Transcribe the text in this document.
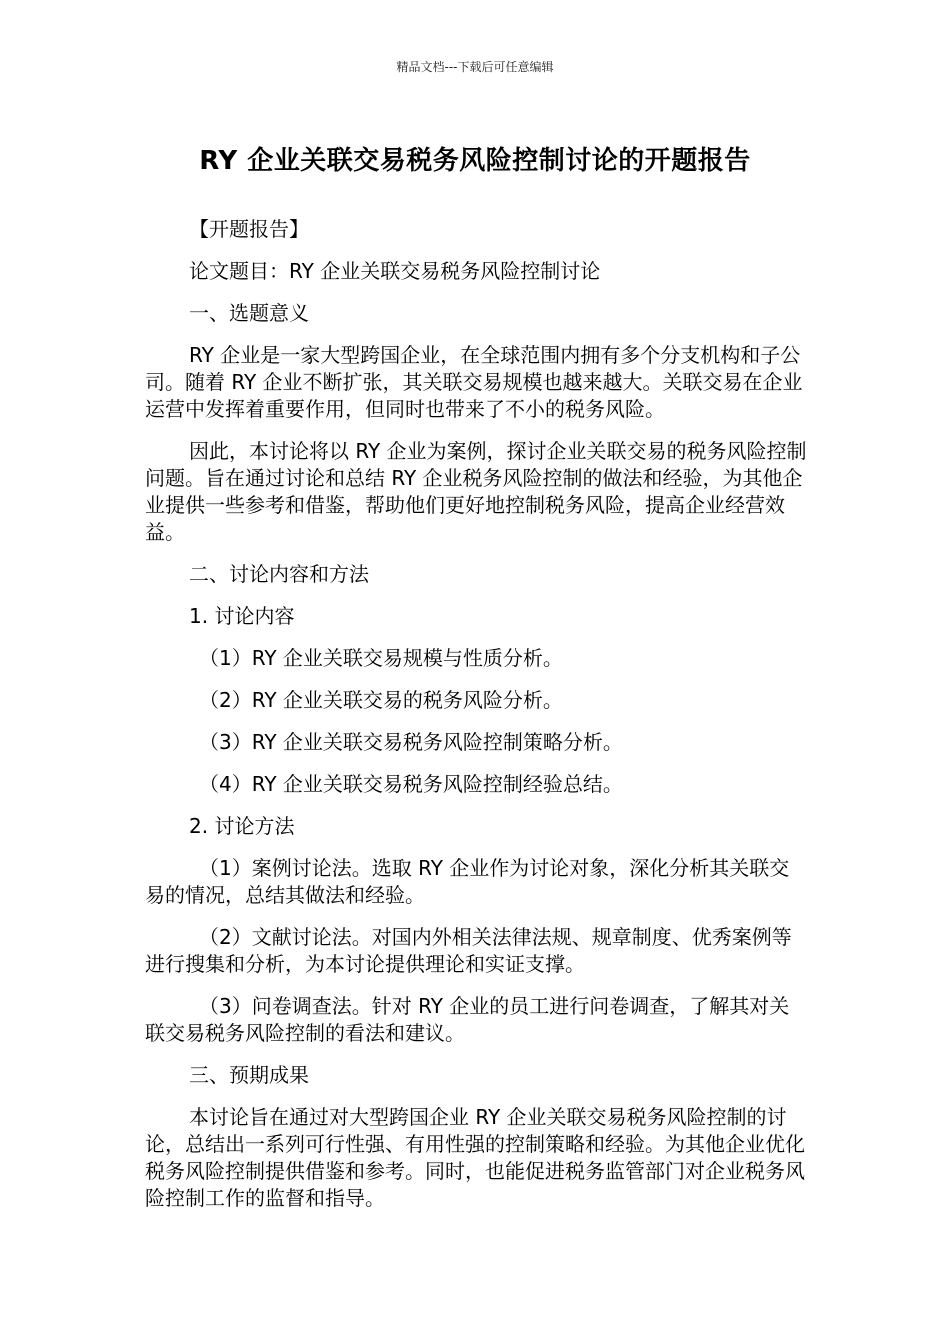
精品文档---下载后可任意编辑
RY 企业关联交易税务风险控制讨论的开题报告

【开题报告】

论文题目：RY 企业关联交易税务风险控制讨论

一、选题意义

RY 企业是一家大型跨国企业，在全球范围内拥有多个分支机构和子公司。随着 RY 企业不断扩张，其关联交易规模也越来越大。关联交易在企业运营中发挥着重要作用，但同时也带来了不小的税务风险。

因此，本讨论将以 RY 企业为案例，探讨企业关联交易的税务风险控制问题。旨在通过讨论和总结 RY 企业税务风险控制的做法和经验，为其他企业提供一些参考和借鉴，帮助他们更好地控制税务风险，提高企业经营效益。

二、讨论内容和方法

1. 讨论内容

（1）RY 企业关联交易规模与性质分析。

（2）RY 企业关联交易的税务风险分析。

（3）RY 企业关联交易税务风险控制策略分析。

（4）RY 企业关联交易税务风险控制经验总结。

2. 讨论方法

（1）案例讨论法。选取 RY 企业作为讨论对象，深化分析其关联交易的情况，总结其做法和经验。

（2）文献讨论法。对国内外相关法律法规、规章制度、优秀案例等进行搜集和分析，为本讨论提供理论和实证支撑。

（3）问卷调查法。针对 RY 企业的员工进行问卷调查，了解其对关联交易税务风险控制的看法和建议。

三、预期成果

本讨论旨在通过对大型跨国企业 RY 企业关联交易税务风险控制的讨论，总结出一系列可行性强、有用性强的控制策略和经验。为其他企业优化税务风险控制提供借鉴和参考。同时，也能促进税务监管部门对企业税务风险控制工作的监督和指导。
